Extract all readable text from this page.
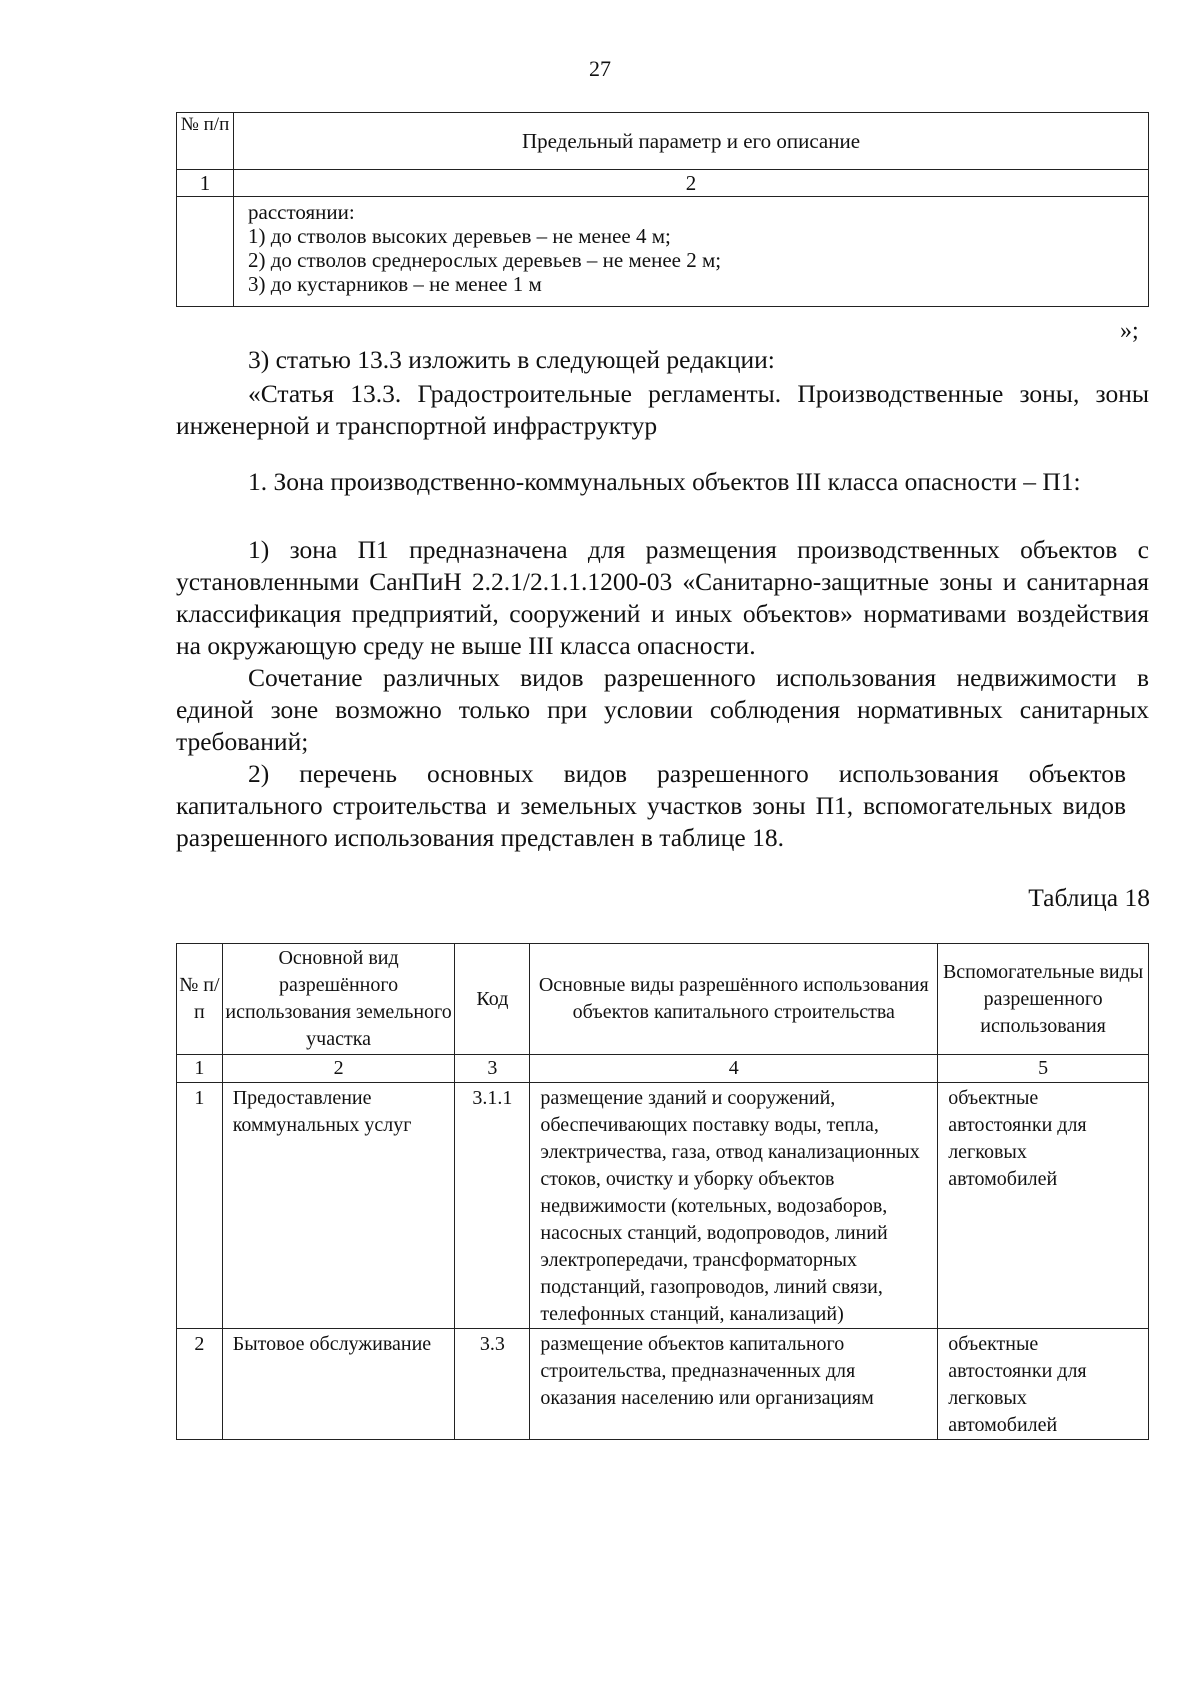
27
№ п/п	Предельный параметр и его описание
1	2

	расстоянии:
1) до стволов высоких деревьев – не менее 4 м;
2) до стволов среднерослых деревьев – не менее 2 м;
3) до кустарников – не менее 1 м
»;

3) статью 13.3 изложить в следующей редакции:

«Статья 13.3. Градостроительные регламенты. Производственные зоны, зоны инженерной и транспортной инфраструктур

1. Зона производственно-коммунальных объектов III класса опасности – П1:

1) зона П1 предназначена для размещения производственных объектов с установленными СанПиН 2.2.1/2.1.1.1200-03 «Санитарно-защитные зоны и санитарная классификация предприятий, сооружений и иных объектов» нормативами воздействия на окружающую среду не выше III класса опасности.

Сочетание различных видов разрешенного использования недвижимости в единой зоне возможно только при условии соблюдения нормативных санитарных требований;

2) перечень основных видов разрешенного использования объектов капитального строительства и земельных участков зоны П1, вспомогательных видов разрешенного использования представлен в таблице 18.

Таблица 18
№ п/п	Основной вид разрешённого использования земельного участка	Код	Основные виды разрешённого использования объектов капитального строительства	Вспомогательные виды разрешенного использования
1	2	3	4	5
1	Предоставление коммунальных услуг	3.1.1	размещение зданий и сооружений, обеспечивающих поставку воды, тепла, электричества, газа, отвод канализационных стоков, очистку и уборку объектов недвижимости (котельных, водозаборов, насосных станций, водопроводов, линий электропередачи, трансформаторных подстанций, газопроводов, линий связи, телефонных станций, канализаций)	объектные автостоянки для легковых автомобилей
2	Бытовое обслуживание	3.3	размещение объектов капитального строительства, предназначенных для оказания населению или организациям	объектные автостоянки для легковых автомобилей
